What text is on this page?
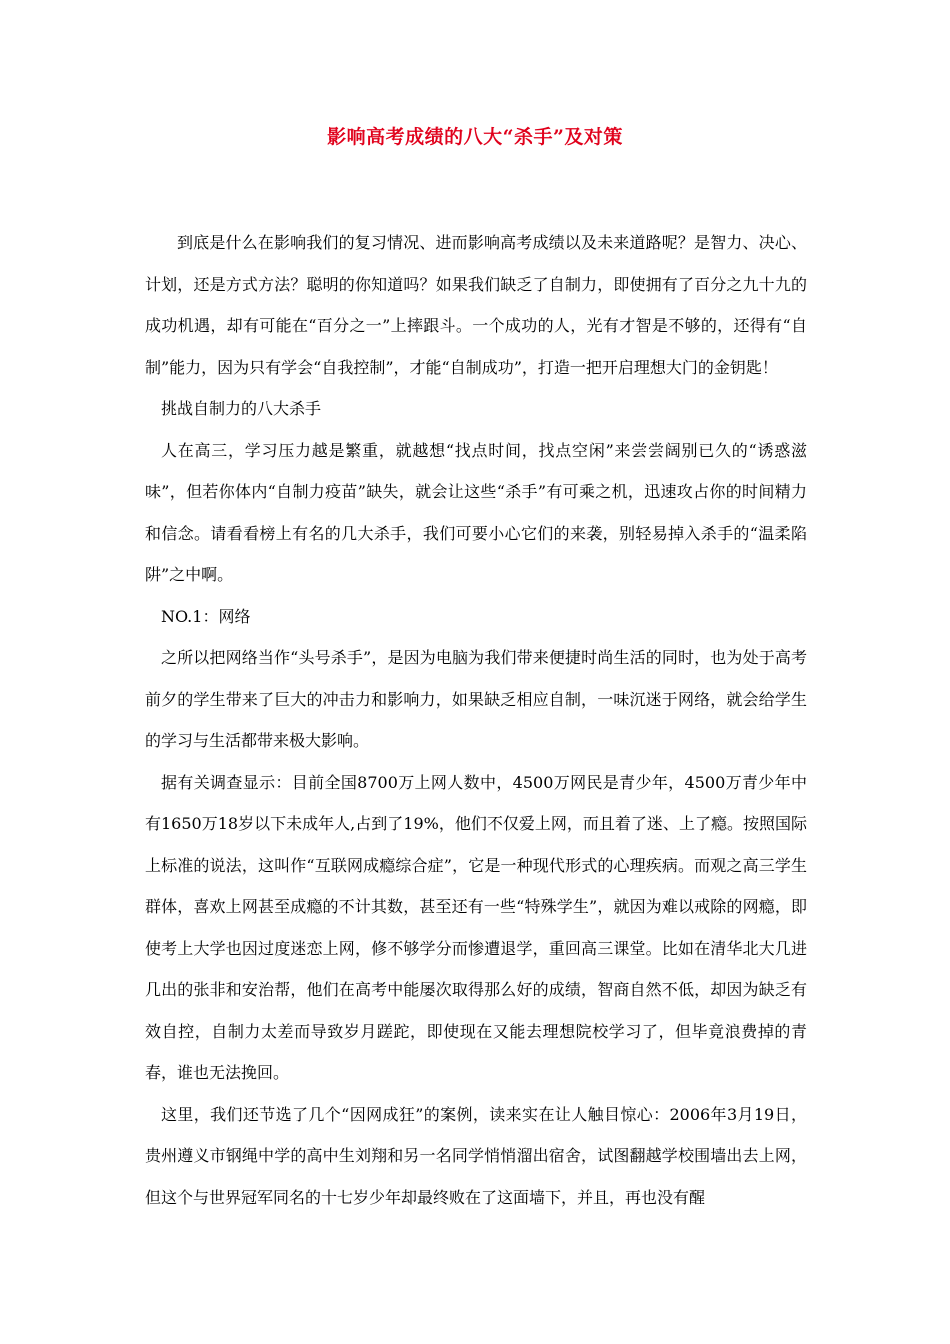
影响高考成绩的八大“杀手”及对策

到底是什么在影响我们的复习情况、进而影响高考成绩以及未来道路呢？是智力、决心、计划，还是方式方法？聪明的你知道吗？如果我们缺乏了自制力，即使拥有了百分之九十九的成功机遇，却有可能在“百分之一”上摔跟斗。一个成功的人，光有才智是不够的，还得有“自制”能力，因为只有学会“自我控制”，才能“自制成功”，打造一把开启理想大门的金钥匙！

挑战自制力的八大杀手

人在高三，学习压力越是繁重，就越想“找点时间，找点空闲”来尝尝阔别已久的“诱惑滋味”，但若你体内“自制力疫苗”缺失，就会让这些“杀手”有可乘之机，迅速攻占你的时间精力和信念。请看看榜上有名的几大杀手，我们可要小心它们的来袭，别轻易掉入杀手的“温柔陷阱”之中啊。

NO.1：网络

之所以把网络当作“头号杀手”，是因为电脑为我们带来便捷时尚生活的同时，也为处于高考前夕的学生带来了巨大的冲击力和影响力，如果缺乏相应自制，一味沉迷于网络，就会给学生的学习与生活都带来极大影响。

据有关调查显示：目前全国8700万上网人数中，4500万网民是青少年，4500万青少年中有1650万18岁以下未成年人,占到了19%，他们不仅爱上网，而且着了迷、上了瘾。按照国际上标准的说法，这叫作“互联网成瘾综合症”，它是一种现代形式的心理疾病。而观之高三学生群体，喜欢上网甚至成瘾的不计其数，甚至还有一些“特殊学生”，就因为难以戒除的网瘾，即使考上大学也因过度迷恋上网，修不够学分而惨遭退学，重回高三课堂。比如在清华北大几进几出的张非和安治帮，他们在高考中能屡次取得那么好的成绩，智商自然不低，却因为缺乏有效自控，自制力太差而导致岁月蹉跎，即使现在又能去理想院校学习了，但毕竟浪费掉的青春，谁也无法挽回。

这里，我们还节选了几个“因网成狂”的案例，读来实在让人触目惊心：2006年3月19日，贵州遵义市钢绳中学的高中生刘翔和另一名同学悄悄溜出宿舍，试图翻越学校围墙出去上网，但这个与世界冠军同名的十七岁少年却最终败在了这面墙下，并且，再也没有醒
